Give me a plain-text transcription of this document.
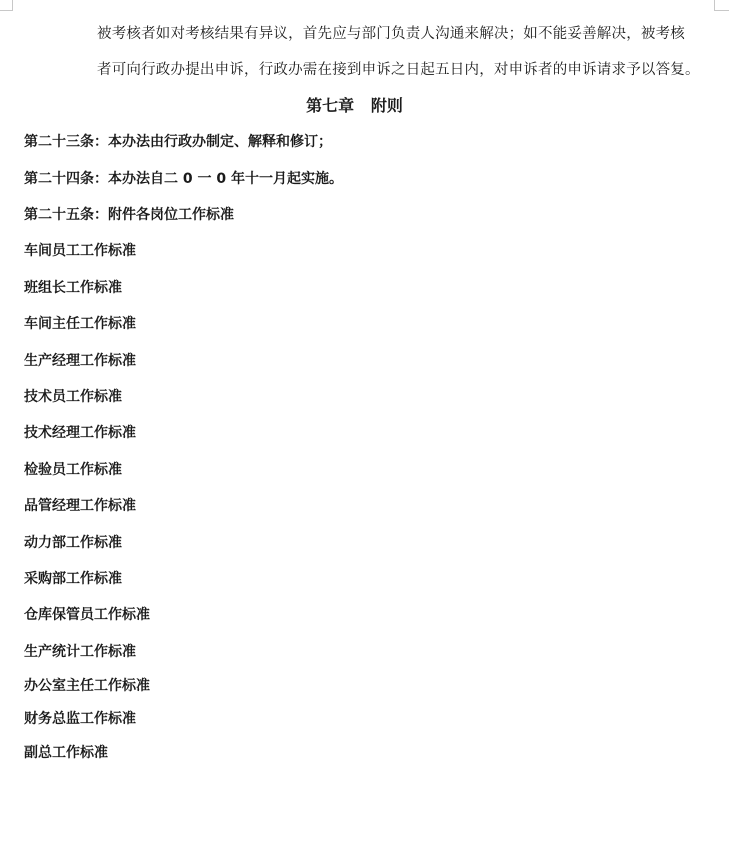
被考核者如对考核结果有异议，首先应与部门负责人沟通来解决；如不能妥善解决，被考核
者可向行政办提出申诉，行政办需在接到申诉之日起五日内，对申诉者的申诉请求予以答复。
第七章   附则
第二十三条：本办法由行政办制定、解释和修订；
第二十四条：本办法自二 0 一 0 年十一月起实施。
第二十五条：附件各岗位工作标准
车间员工工作标准
班组长工作标准
车间主任工作标准
生产经理工作标准
技术员工作标准
技术经理工作标准
检验员工作标准
品管经理工作标准
动力部工作标准
采购部工作标准
仓库保管员工作标准
生产统计工作标准
办公室主任工作标准
财务总监工作标准
副总工作标准
